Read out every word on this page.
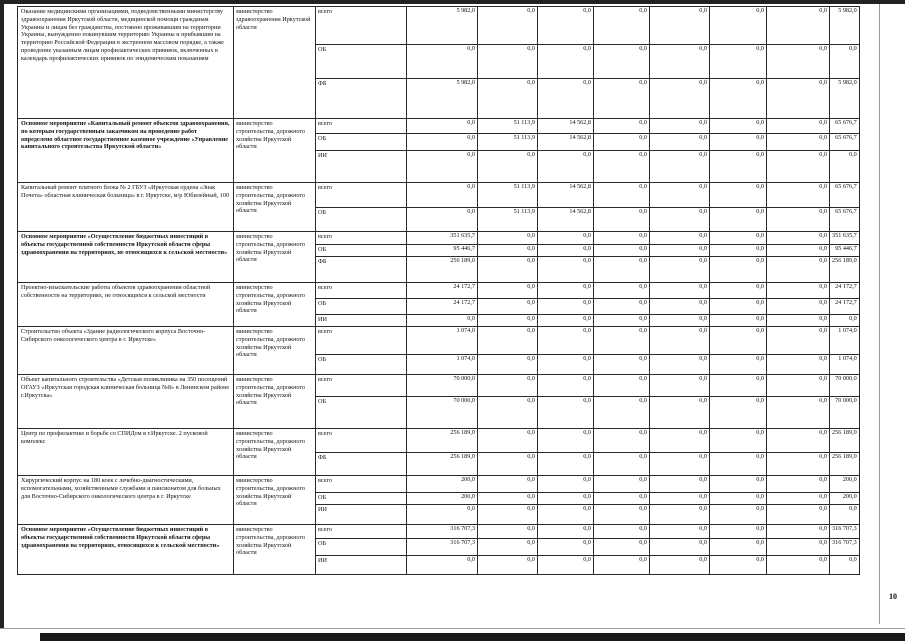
10
Оказание медицинскими организациями, подведомственными министерству здравоохранения Иркутской области, медицинской помощи гражданам Украины и лицам без гражданства, постоянно проживавшим на территории Украины, вынужденно покинувшим территорию Украины и прибывшим на территорию Российской Федерации в экстренном массовом порядке, а также проведение указанным лицам профилактических прививок, включенных в календарь профилактических прививок по эпидемическим показаниям	министерство здравоохранения Иркутской области	всего	5 982,0	0,0	0,0	0,0	0,0	0,0	0,0	5 982,0
		ОБ	0,0	0,0	0,0	0,0	0,0	0,0	0,0	0,0
		ФБ	5 982,0	0,0	0,0	0,0	0,0	0,0	0,0	5 982,0
Основное мероприятие «Капитальный ремонт объектов здравоохранения, по которым государственным заказчиком на проведение работ определено областное государственное казенное учреждение «Управление капитального строительства Иркутской области»	министерство строительства, дорожного хозяйства Иркутской области	всего	0,0	51 113,9	14 562,8	0,0	0,0	0,0	0,0	65 676,7
		ОБ	0,0	51 113,9	14 562,8	0,0	0,0	0,0	0,0	65 676,7
		ИИ	0,0	0,0	0,0	0,0	0,0	0,0	0,0	0,0
Капитальный ремонт платного блока № 2 ГБУЗ «Иркутская ордена «Знак Почета» областная клиническая больница» в г. Иркутске, м/р Юбилейный, 100	министерство строительства, дорожного хозяйства Иркутской области	всего	0,0	51 113,9	14 562,8	0,0	0,0	0,0	0,0	65 676,7
		ОБ	0,0	51 113,9	14 562,8	0,0	0,0	0,0	0,0	65 676,7
Основное мероприятие «Осуществление бюджетных инвестиций в объекты государственной собственности Иркутской области сферы здравоохранения на территориях, не относящихся к сельской местности»	министерство строительства, дорожного хозяйства Иркутской области	всего	351 635,7	0,0	0,0	0,0	0,0	0,0	0,0	351 635,7
		ОБ	95 446,7	0,0	0,0	0,0	0,0	0,0	0,0	95 446,7
		ФБ	256 189,0	0,0	0,0	0,0	0,0	0,0	0,0	256 189,0
Проектно-изыскательские работы объектов здравоохранения областной собственности на территориях, не относящихся к сельской местности	министерство строительства, дорожного хозяйства Иркутской области	всего	24 172,7	0,0	0,0	0,0	0,0	0,0	0,0	24 172,7
		ОБ	24 172,7	0,0	0,0	0,0	0,0	0,0	0,0	24 172,7
		ИИ	0,0	0,0	0,0	0,0	0,0	0,0	0,0	0,0
Строительство объекта «Здание радиологического корпуса Восточно-Сибирского онкологического центра в г. Иркутске»	министерство строительства, дорожного хозяйства Иркутской области	всего	1 074,0	0,0	0,0	0,0	0,0	0,0	0,0	1 074,0
		ОБ	1 074,0	0,0	0,0	0,0	0,0	0,0	0,0	1 074,0
Объект капитального строительства «Детская поликлиника на 350 посещений ОГАУЗ «Иркутская городская клиническая больница №8» в Ленинском районе г.Иркутска»	министерство строительства, дорожного хозяйства Иркутской области	всего	70 000,0	0,0	0,0	0,0	0,0	0,0	0,0	70 000,0
		ОБ	70 000,0	0,0	0,0	0,0	0,0	0,0	0,0	70 000,0
Центр по профилактике и борьбе со СПИДом в г.Иркутске. 2 пусковой комплекс	министерство строительства, дорожного хозяйства Иркутской области	всего	256 189,0	0,0	0,0	0,0	0,0	0,0	0,0	256 189,0
		ФБ	256 189,0	0,0	0,0	0,0	0,0	0,0	0,0	256 189,0
Хирургический корпус на 180 коек с лечебно-диагностическими, вспомогательными, хозяйственными службами и пансионатом для больных для Восточно-Сибирского онкологического центра в г. Иркутске	министерство строительства, дорожного хозяйства Иркутской области	всего	200,0	0,0	0,0	0,0	0,0	0,0	0,0	200,0
		ОБ	200,0	0,0	0,0	0,0	0,0	0,0	0,0	200,0
		ИИ	0,0	0,0	0,0	0,0	0,0	0,0	0,0	0,0
Основное мероприятие «Осуществление бюджетных инвестиций в объекты государственной собственности Иркутской области сферы здравоохранения на территориях, относящихся к сельской местности»	министерство строительства, дорожного хозяйства Иркутской области	всего	316 707,3	0,0	0,0	0,0	0,0	0,0	0,0	316 707,3
		ОБ	316 707,3	0,0	0,0	0,0	0,0	0,0	0,0	316 707,3
		ИИ	0,0	0,0	0,0	0,0	0,0	0,0	0,0	0,0
